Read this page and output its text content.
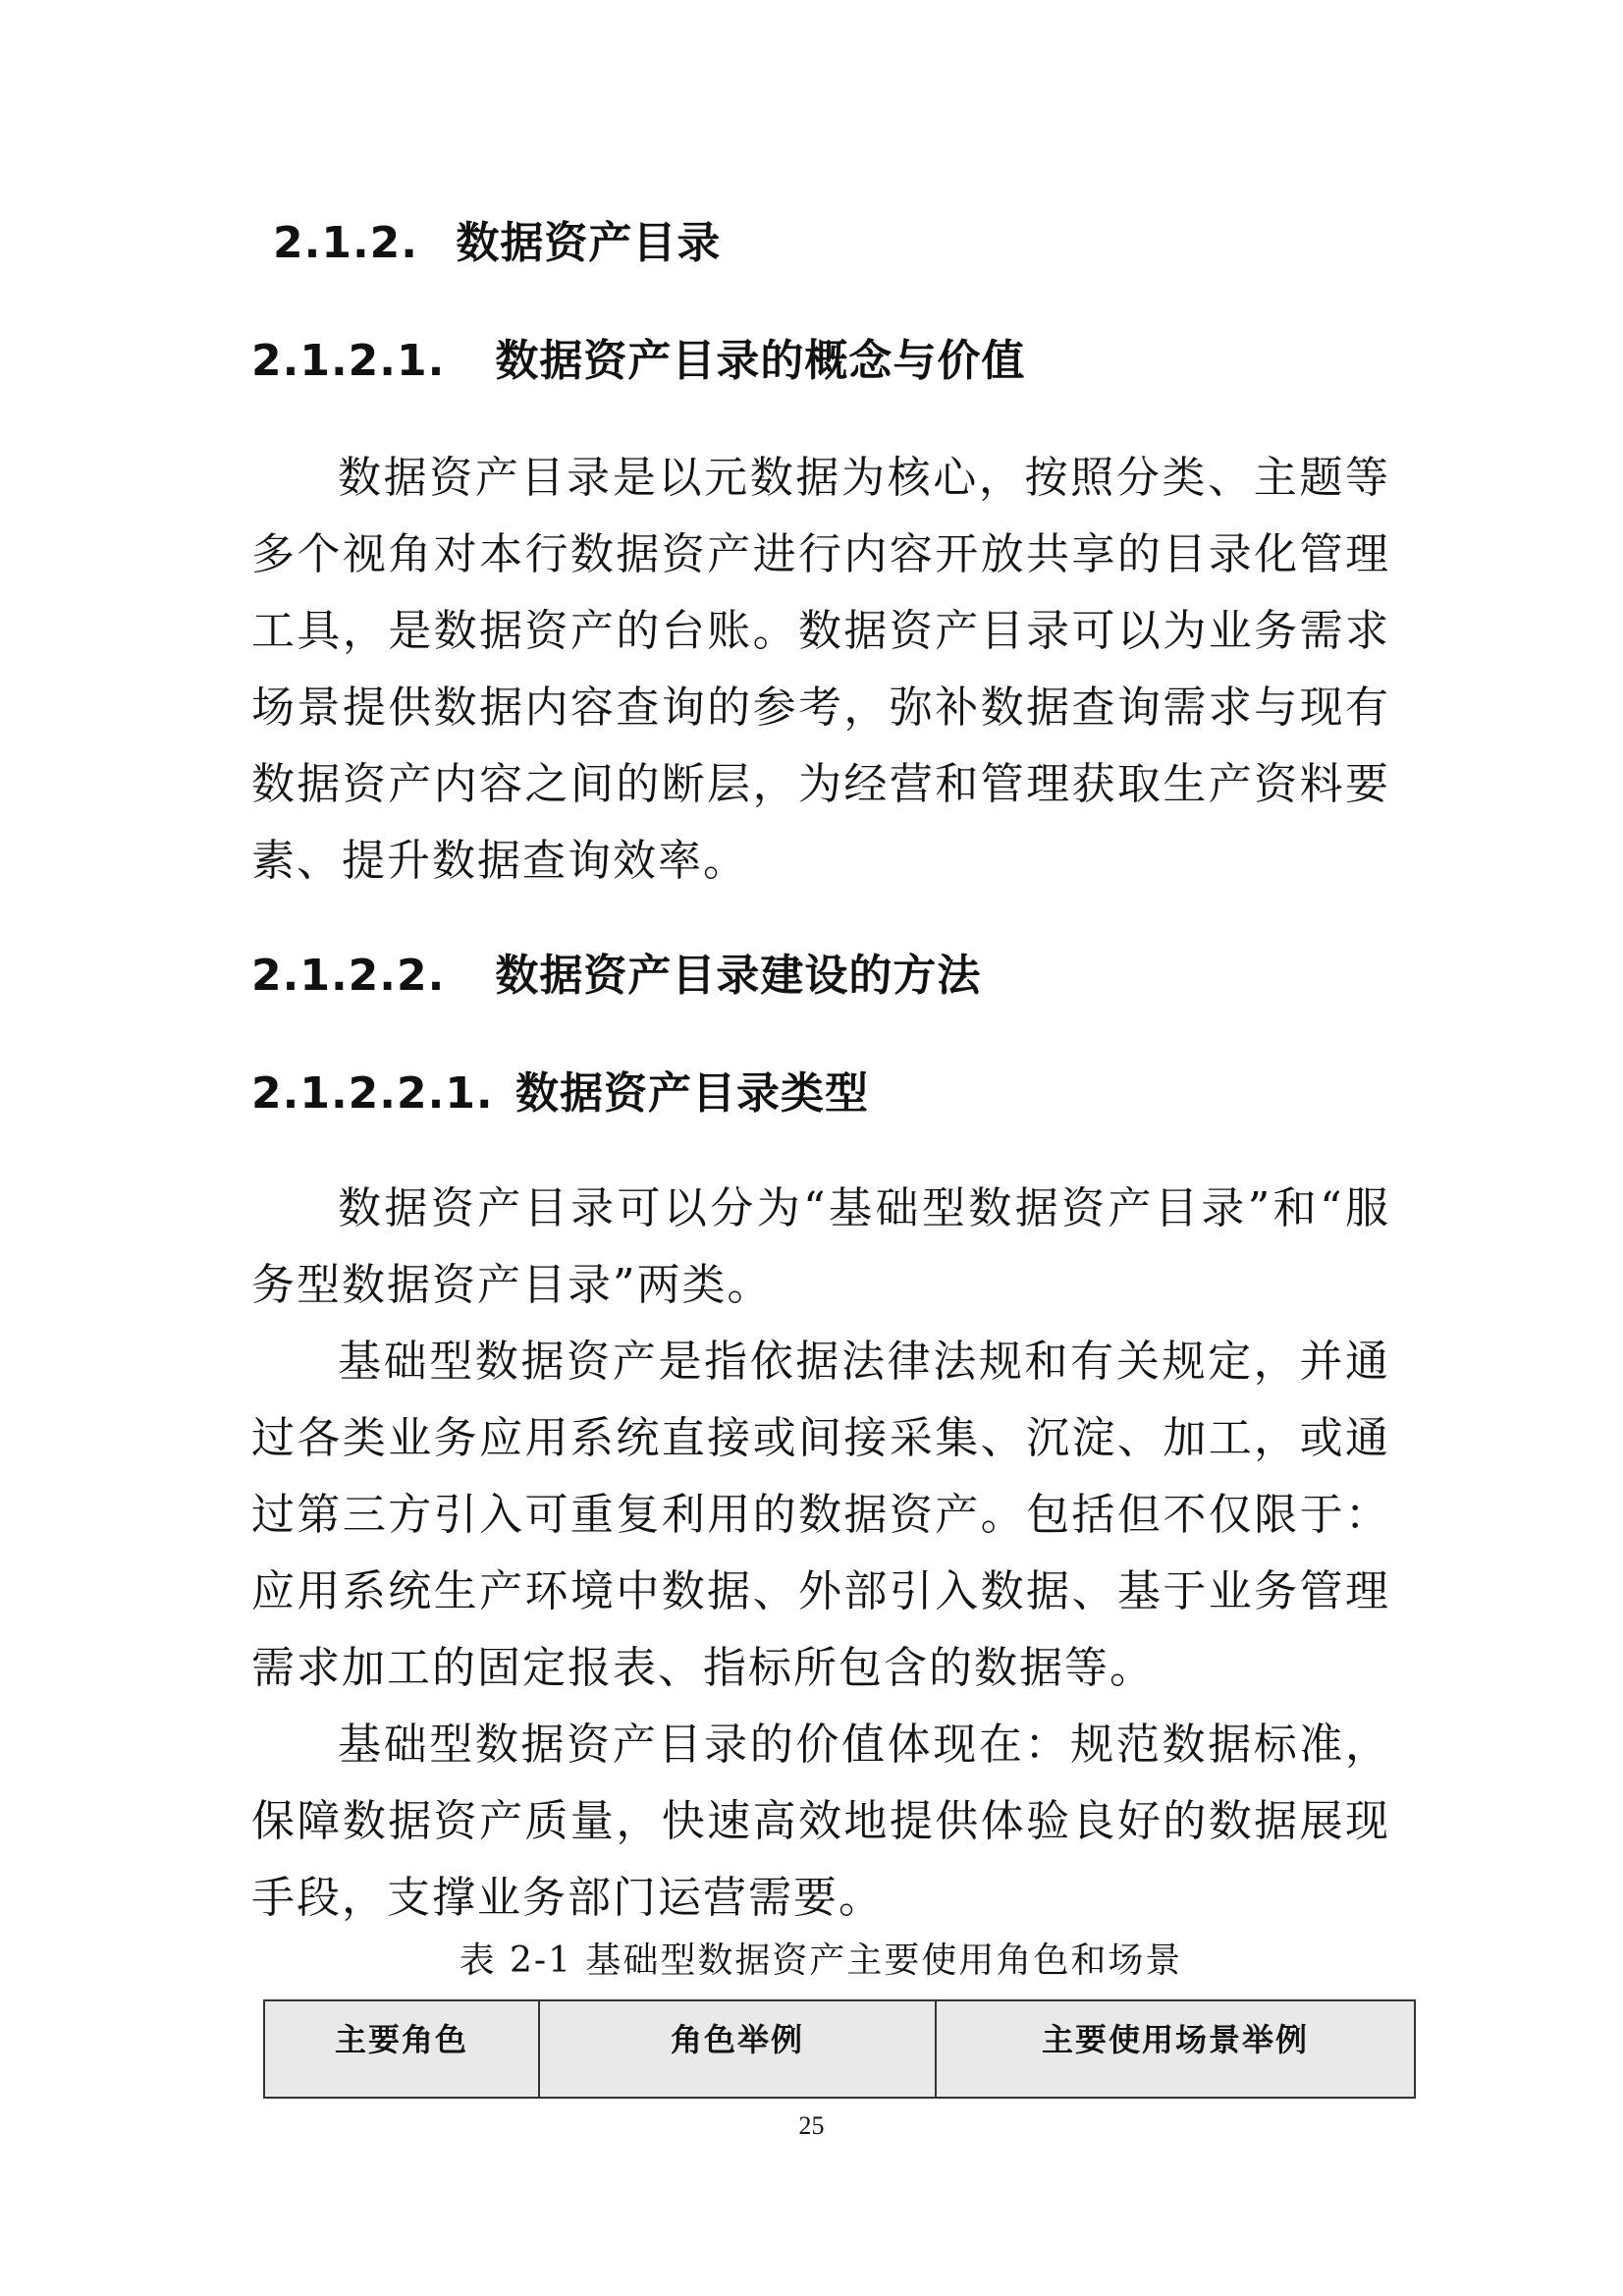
2.1.2. 数据资产目录
2.1.2.1. 数据资产目录的概念与价值

数据资产目录是以元数据为核心，按照分类、主题等多个视角对本行数据资产进行内容开放共享的目录化管理工具，是数据资产的台账。数据资产目录可以为业务需求场景提供数据内容查询的参考，弥补数据查询需求与现有数据资产内容之间的断层，为经营和管理获取生产资料要素、提升数据查询效率。

2.1.2.2. 数据资产目录建设的方法
2.1.2.2.1. 数据资产目录类型

数据资产目录可以分为“基础型数据资产目录”和“服务型数据资产目录”两类。

基础型数据资产是指依据法律法规和有关规定，并通过各类业务应用系统直接或间接采集、沉淀、加工，或通过第三方引入可重复利用的数据资产。包括但不仅限于：应用系统生产环境中数据、外部引入数据、基于业务管理需求加工的固定报表、指标所包含的数据等。

基础型数据资产目录的价值体现在：规范数据标准，保障数据资产质量，快速高效地提供体验良好的数据展现手段，支撑业务部门运营需要。

表 2-1 基础型数据资产主要使用角色和场景
主要角色	角色举例	主要使用场景举例
25
